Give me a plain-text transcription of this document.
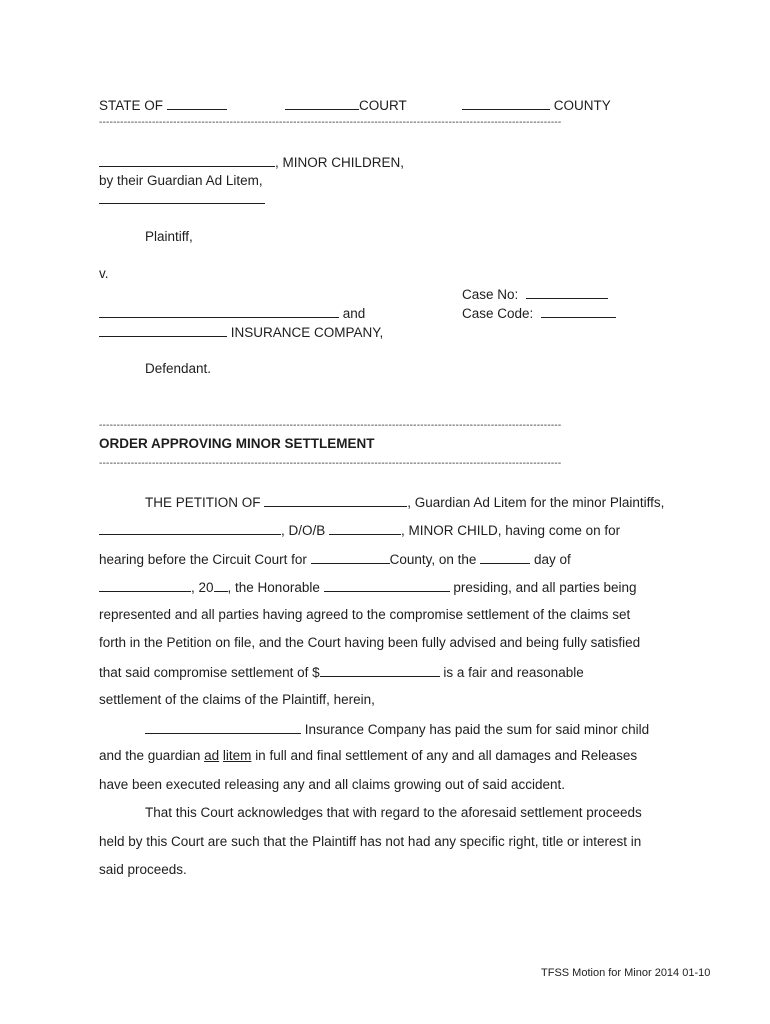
STATE OF	COURT	COUNTY
-----------------------------------------------------------------------------------------------------------------------------------
, MINOR CHILDREN,
by their Guardian Ad Litem,
Plaintiff,
v.
Case No:
Case Code:
and
INSURANCE COMPANY,
Defendant.
-----------------------------------------------------------------------------------------------------------------------------------
ORDER APPROVING MINOR SETTLEMENT
-----------------------------------------------------------------------------------------------------------------------------------
THE PETITION OF	, Guardian Ad Litem for the minor Plaintiffs,
, D/O/B	, MINOR CHILD, having come on for
hearing before the Circuit Court for	County, on the	day of
, 20 , the Honorable	presiding, and all parties being
represented and all parties having agreed to the compromise settlement of the claims set
forth in the Petition on file, and the Court having been fully advised and being fully satisfied
that said compromise settlement of $	is a fair and reasonable
settlement of the claims of the Plaintiff, herein,
Insurance Company has paid the sum for said minor child
and the guardian ad litem in full and final settlement of any and all damages and Releases
have been executed releasing any and all claims growing out of said accident.
That this Court acknowledges that with regard to the aforesaid settlement proceeds
held by this Court are such that the Plaintiff has not had any specific right, title or interest in
said proceeds.
TFSS Motion for Minor 2014 01-10
